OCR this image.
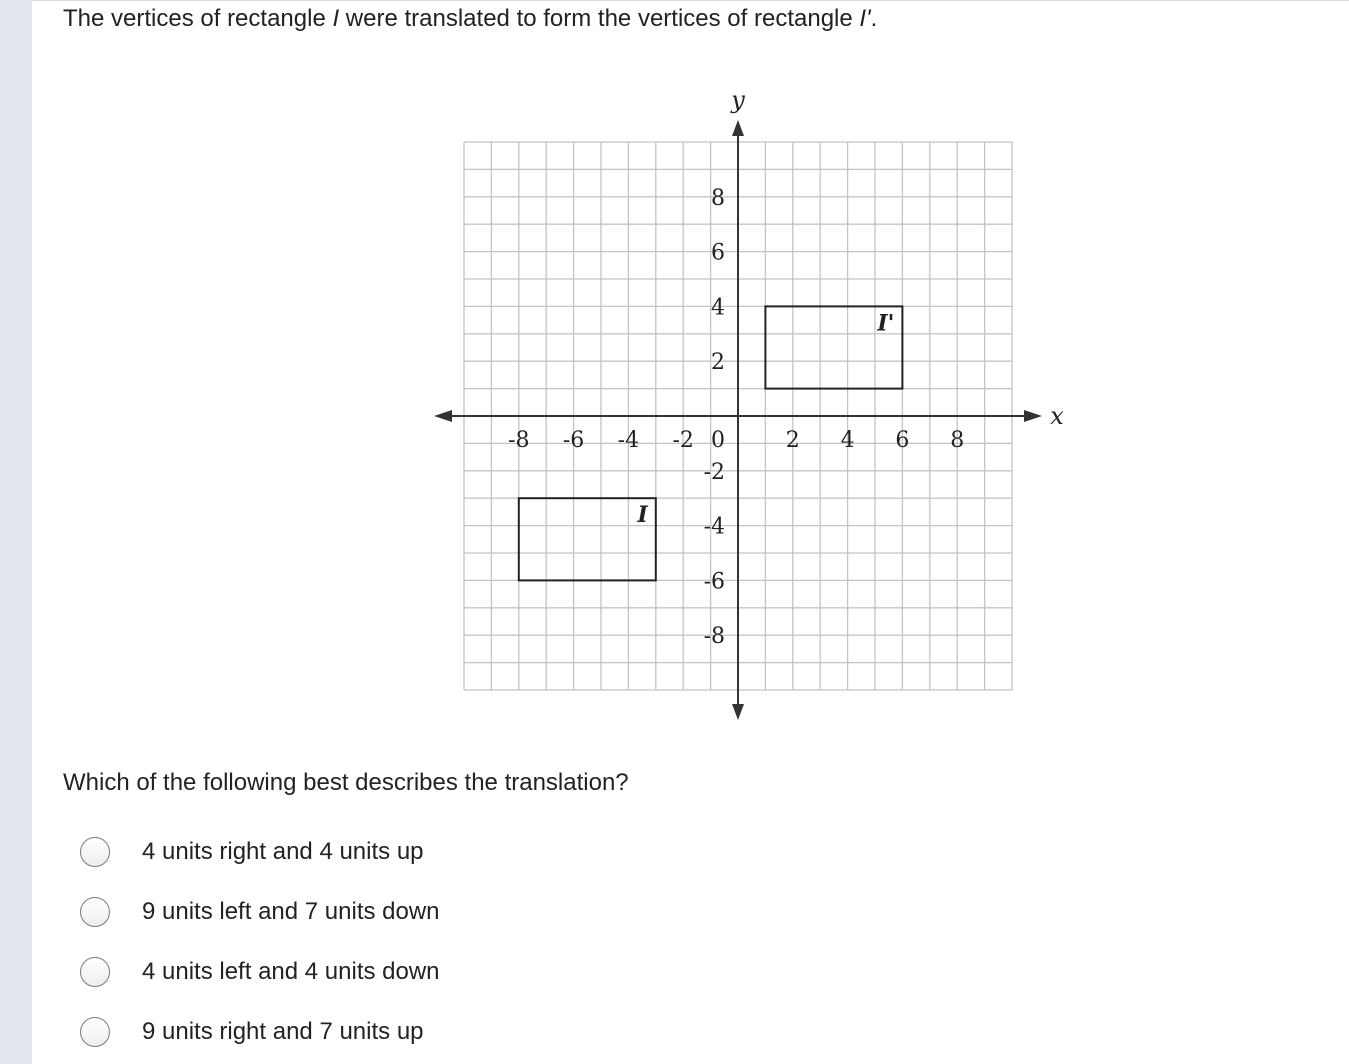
The vertices of rectangle I were translated to form the vertices of rectangle I'.
x
y
-8 -6 -4 -2	2 4 6 8
8
6
4
2
-2
-4
-6
-8
0
I
I'
Which of the following best describes the translation?
4 units right and 4 units up
9 units left and 7 units down
4 units left and 4 units down
9 units right and 7 units up
